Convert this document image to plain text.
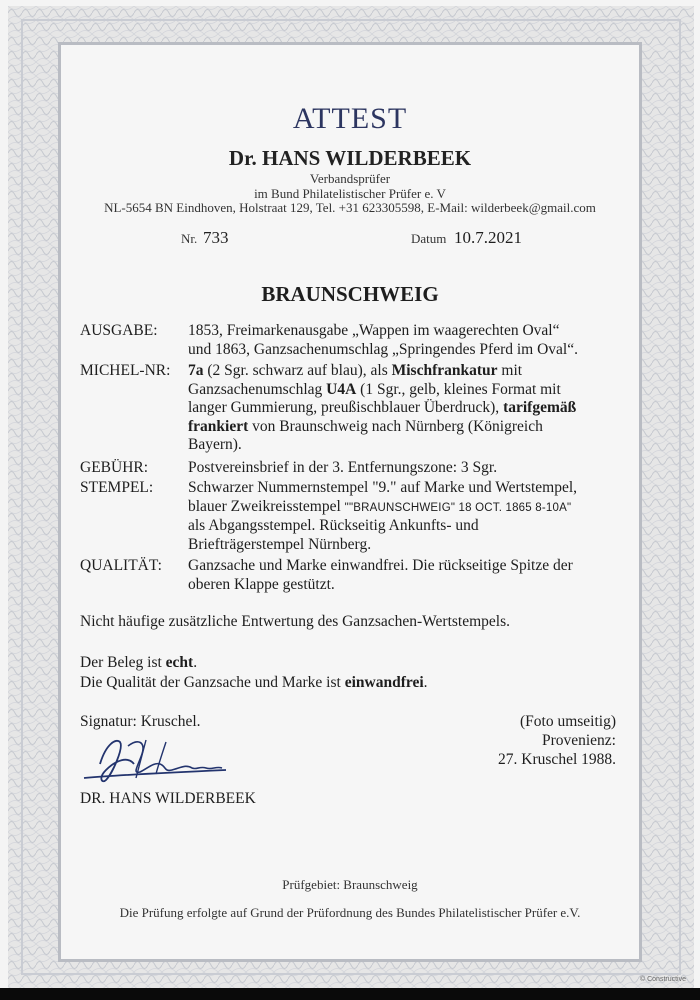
ATTEST
Dr. HANS WILDERBEEK
Verbandsprüfer
im Bund Philatelistischer Prüfer e. V
NL-5654 BN Eindhoven, Holstraat 129, Tel. +31 623305598, E-Mail: wilderbeek@gmail.com
Nr. 733	Datum 10.7.2021
BRAUNSCHWEIG
AUSGABE: 1853, Freimarkenausgabe „Wappen im waagerechten Oval“
und 1863, Ganzsachenumschlag „Springendes Pferd im Oval“.
MICHEL-NR: 7a (2 Sgr. schwarz auf blau), als Mischfrankatur mit
Ganzsachenumschlag U4A (1 Sgr., gelb, kleines Format mit
langer Gummierung, preußischblauer Überdruck), tarifgemäß
frankiert von Braunschweig nach Nürnberg (Königreich
Bayern).
GEBÜHR:	Postvereinsbrief in der 3. Entfernungszone: 3 Sgr.
STEMPEL: Schwarzer Nummernstempel "9." auf Marke und Wertstempel,
blauer Zweikreisstempel ""BRAUNSCHWEIG" 18 OCT. 1865 8-10A"
als Abgangsstempel. Rückseitig Ankunfts- und
Briefträgerstempel Nürnberg.
QUALITÄT: Ganzsache und Marke einwandfrei. Die rückseitige Spitze der
oberen Klappe gestützt.
Nicht häufige zusätzliche Entwertung des Ganzsachen-Wertstempels.
Der Beleg ist echt.
Die Qualität der Ganzsache und Marke ist einwandfrei.
Signatur: Kruschel.	(Foto umseitig)
Provenienz:
27. Kruschel 1988.
DR. HANS WILDERBEEK
Prüfgebiet: Braunschweig
Die Prüfung erfolgte auf Grund der Prüfordnung des Bundes Philatelistischer Prüfer e.V.
© Constructive
